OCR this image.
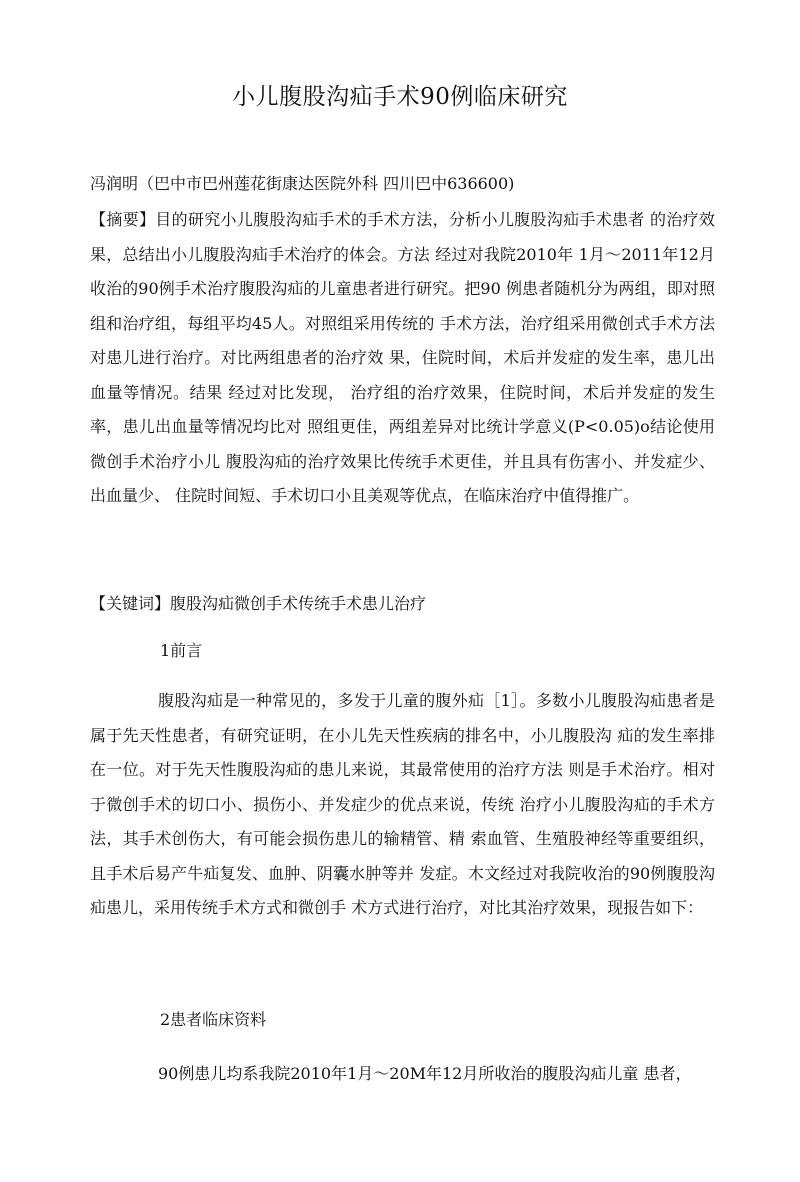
小儿腹股沟疝手术90例临床研究
冯润明（巴中市巴州莲花街康达医院外科 四川巴中636600)
【摘要】目的研究小儿腹股沟疝手术的手术方法，分析小儿腹股沟疝手术患者 的治疗效果，总结出小儿腹股沟疝手术治疗的体会。方法 经过对我院2010年 1月～2011年12月收治的90例手术治疗腹股沟疝的儿童患者进行研究。把90 例患者随机分为两组，即对照组和治疗组，每组平均45人。对照组采用传统的 手术方法，治疗组采用微创式手术方法对患儿进行治疗。对比两组患者的治疗效 果，住院时间，术后并发症的发生率，患儿出血量等情况。结果 经过对比发现， 治疗组的治疗效果，住院时间，术后并发症的发生率，患儿出血量等情况均比对 照组更佳，两组差异对比统计学意义(P<0.05)o结论使用微创手术治疗小儿 腹股沟疝的治疗效果比传统手术更佳，并且具有伤害小、并发症少、出血量少、 住院时间短、手术切口小且美观等优点，在临床治疗中值得推广。
【关键词】腹股沟疝微创手术传统手术患儿治疗
1前言
腹股沟疝是一种常见的，多发于儿童的腹外疝［1］。多数小儿腹股沟疝患者是属于先天性患者，有研究证明，在小儿先天性疾病的排名中，小儿腹股沟 疝的发生率排在一位。对于先天性腹股沟疝的患儿来说，其最常使用的治疗方法 则是手术治疗。相对于微创手术的切口小、损伤小、并发症少的优点来说，传统 治疗小儿腹股沟疝的手术方法，其手术创伤大，有可能会损伤患儿的输精管、精 索血管、生殖股神经等重要组织，且手术后易产牛疝复发、血肿、阴囊水肿等并 发症。木文经过对我院收治的90例腹股沟疝患儿，采用传统手术方式和微创手 术方式进行治疗，对比其治疗效果，现报告如下：
2患者临床资料
90例患儿均系我院2010年1月～20M年12月所收治的腹股沟疝儿童 患者，
